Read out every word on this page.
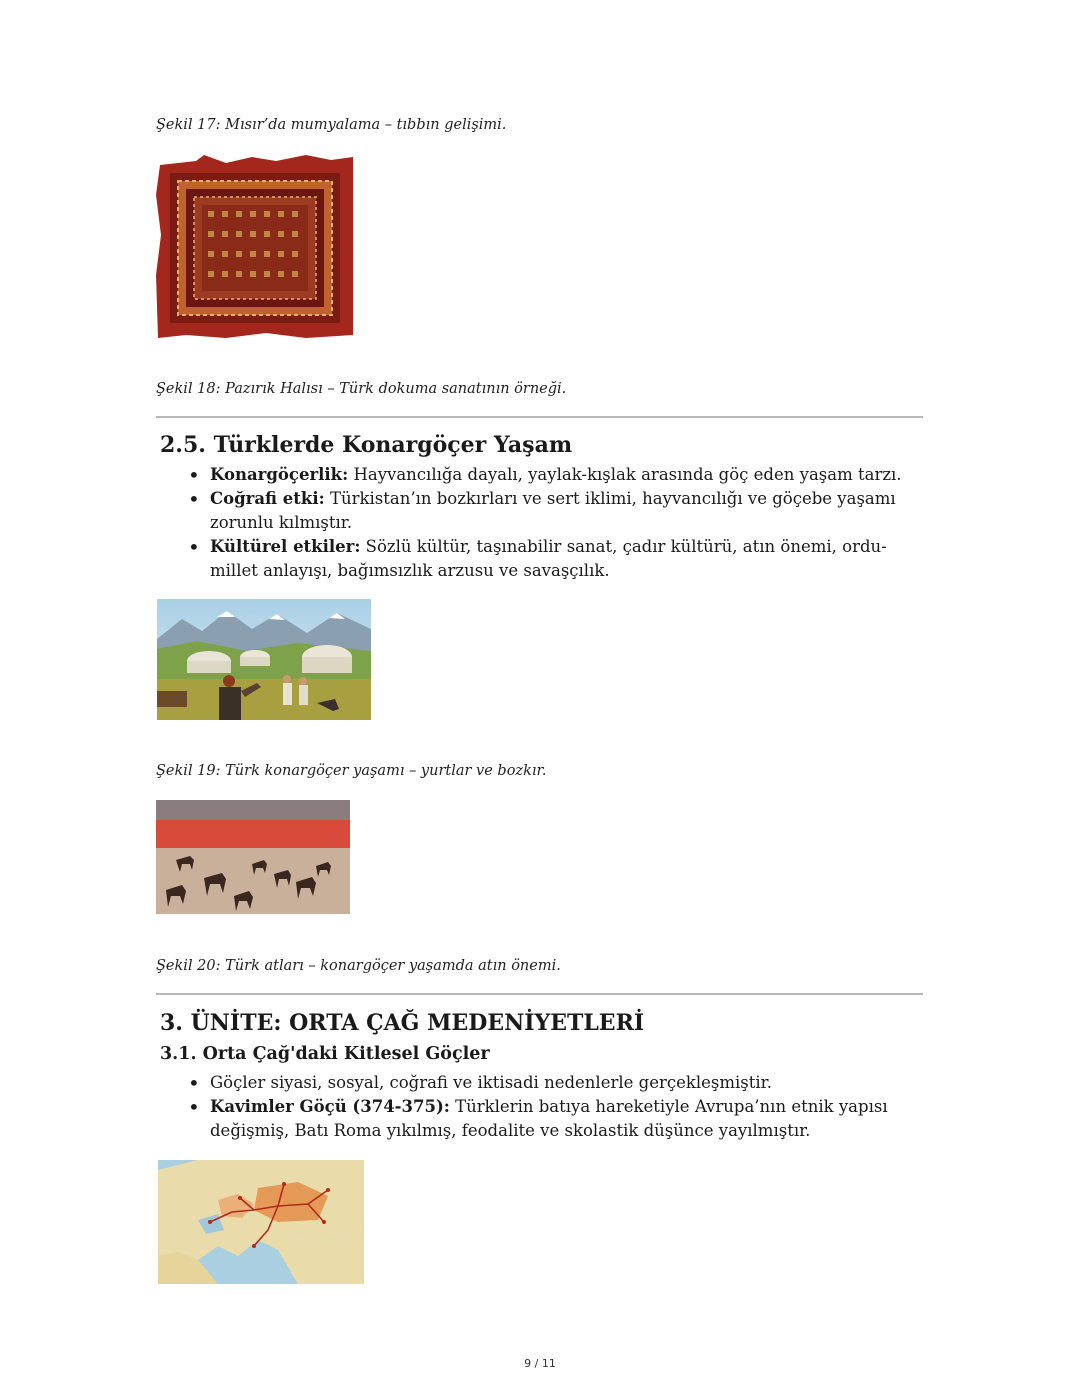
Şekil 17: Mısır’da mumyalama – tıbbın gelişimi.
Şekil 18: Pazırık Halısı – Türk dokuma sanatının örneği.
2.5. Türklerde Konargöçer Yaşam
• Konargöçerlik: Hayvancılığa dayalı, yaylak-kışlak arasında göç eden yaşam tarzı.
• Coğrafi etki: Türkistan’ın bozkırları ve sert iklimi, hayvancılığı ve göçebe yaşamı zorunlu kılmıştır.
• Kültürel etkiler: Sözlü kültür, taşınabilir sanat, çadır kültürü, atın önemi, ordu-millet anlayışı, bağımsızlık arzusu ve savaşçılık.
Şekil 19: Türk konargöçer yaşamı – yurtlar ve bozkır.
Şekil 20: Türk atları – konargöçer yaşamda atın önemi.
3. ÜNİTE: ORTA ÇAĞ MEDENİYETLERİ
3.1. Orta Çağ'daki Kitlesel Göçler
• Göçler siyasi, sosyal, coğrafi ve iktisadi nedenlerle gerçekleşmiştir.
• Kavimler Göçü (374-375): Türklerin batıya hareketiyle Avrupa’nın etnik yapısı değişmiş, Batı Roma yıkılmış, feodalite ve skolastik düşünce yayılmıştır.
9 / 11
